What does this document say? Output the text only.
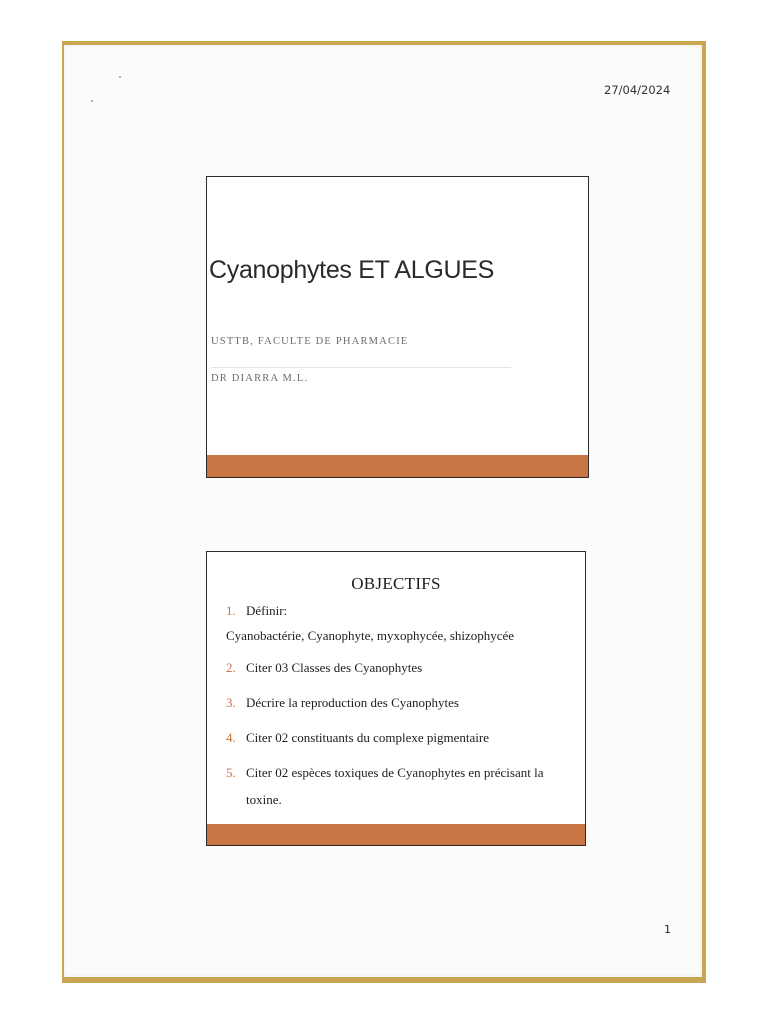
27/04/2024
Cyanophytes ET ALGUES
USTTB, FACULTE DE PHARMACIE
DR DIARRA M.L.
OBJECTIFS
1. Définir:
Cyanobactérie, Cyanophyte, myxophycée, shizophycée
2. Citer 03 Classes des Cyanophytes
3. Décrire la reproduction des Cyanophytes
4. Citer 02 constituants du complexe pigmentaire
5. Citer 02 espèces toxiques de Cyanophytes en précisant la
toxine.
1
